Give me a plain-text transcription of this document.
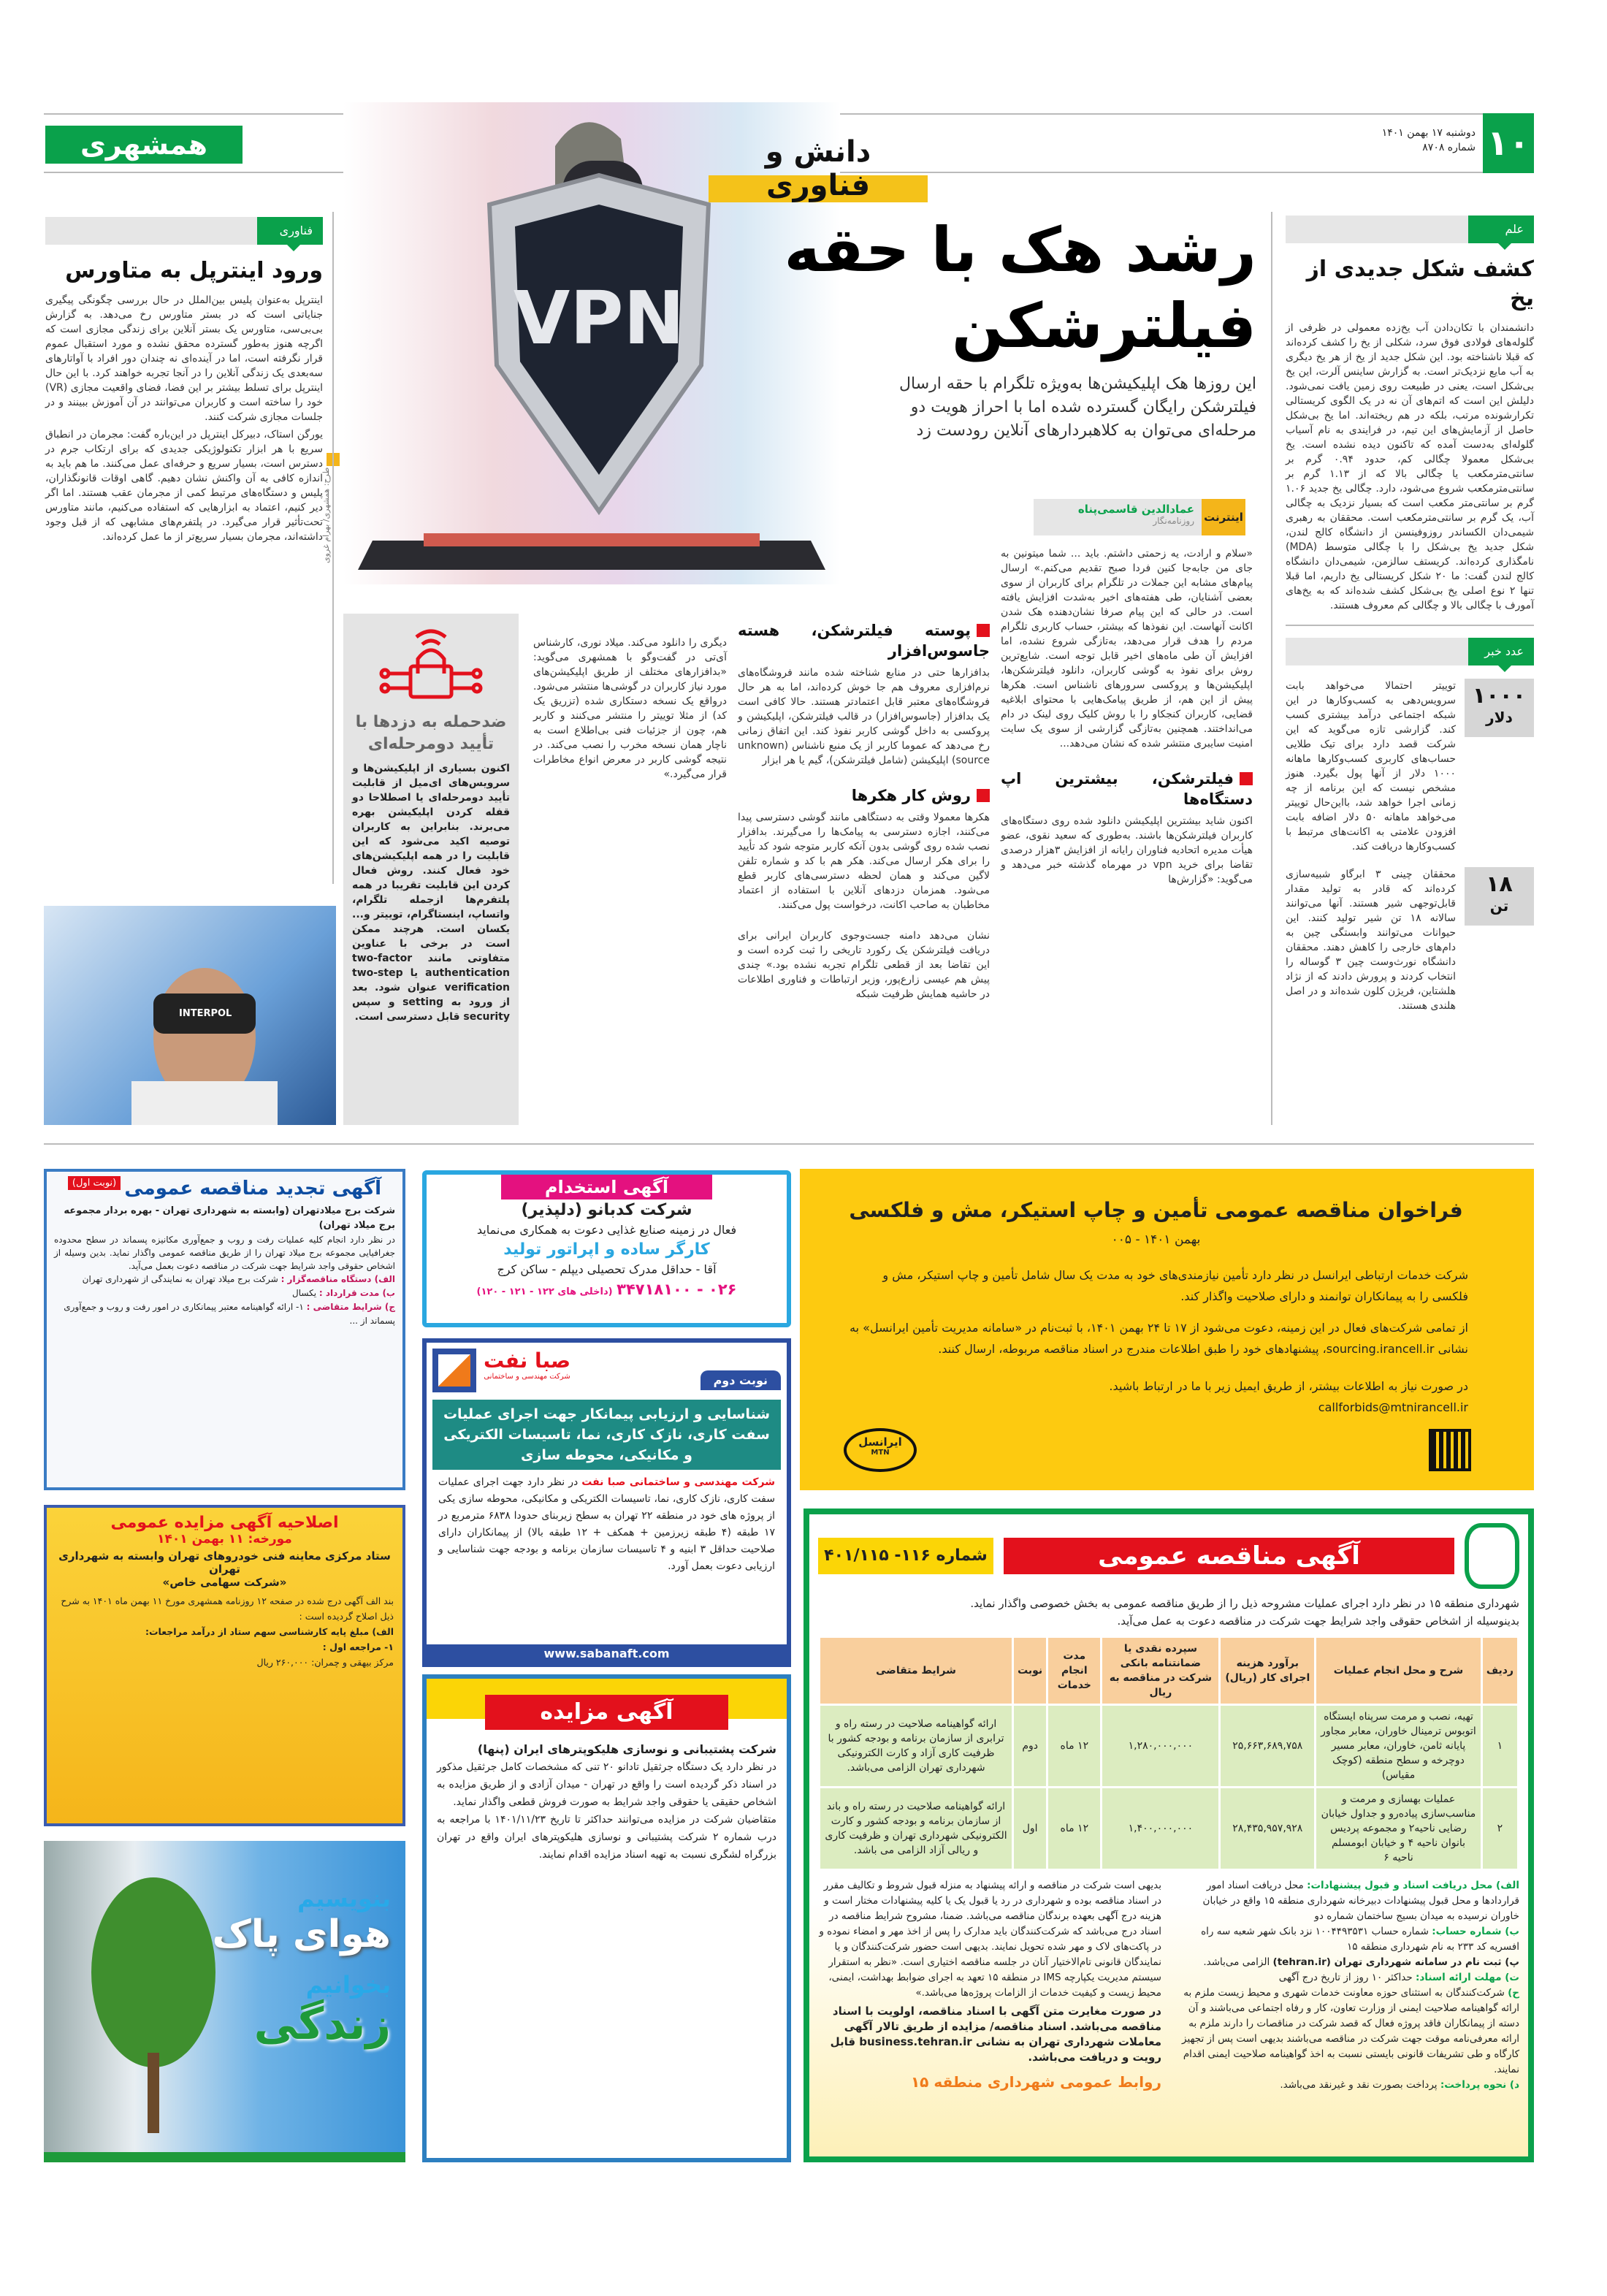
۱۰
دوشنبه ۱۷ بهمن ۱۴۰۱
شماره ۸۷۰۸
همشهری
VPN
دانش و فناوری
طرح: همشهری/ بهرام غروی
رشد هک با حقه
فیلترشکن
این روزها هک اپلیکیشن‌ها به‌ویژه تلگرام با حقه ارسال فیلترشکن رایگان گسترده شده اما با احراز هویت دو مرحله‌ای می‌توان به کلاهبردارهای آنلاین رودست زد
اینترنت
عمادالدین قاسمی‌پناه
روزنامه‌نگار

«سلام و ارادت، یه زحمتی داشتم. باید ... شما میتونین به جای من جابه‌جا کنین فردا صبح تقدیم می‌کنم.» ارسال پیام‌های مشابه این جملات در تلگرام برای کاربران از سوی بعضی آشنایان، طی هفته‌های اخیر به‌شدت افزایش یافته است. در حالی که این پیام صرفا نشان‌دهنده هک شدن اکانت آنهاست. این نفوذها که بیشتر، حساب کاربری تلگرام مردم را هدف قرار می‌دهد، به‌تازگی شروع نشده، اما افزایش آن طی ماه‌های اخیر قابل توجه است. شایع‌ترین روش برای نفوذ به گوشی کاربران، دانلود فیلترشکن‌ها، اپلیکیشن‌ها و پروکسی سرورهای ناشناس است. هکرها پیش از این هم، از طریق پیامک‌هایی با محتوای ابلاغیه قضایی، کاربران کنجکاو را با روش کلیک روی لینک در دام می‌انداختند. همچنین به‌تازگی گزارشی از سوی یک سایت امنیت سایبری منتشر شده که نشان می‌دهد...

فیلترشکن، بیشترین اپ دستگاه‌ها

اکنون شاید بیشترین اپلیکیشن دانلود شده روی دستگاه‌های کاربران فیلترشکن‌ها باشند. به‌طوری که سعید نقوی، عضو هیأت مدیره اتحادیه فناوران رایانه از افزایش ۳هزار درصدی تقاضا برای خرید vpn در مهرماه گذشته خبر می‌دهد و می‌گوید: «گزارش‌ها

پوسته فیلترشکن، هسته جاسوس‌افزار

بدافزارها حتی در منابع شناخته شده مانند فروشگاه‌های نرم‌افزاری معروف هم جا خوش کرده‌اند، اما به هر حال فروشگاه‌های معتبر قابل اعتمادتر هستند. حالا کافی است یک بدافزار (جاسوس‌افزار) در قالب فیلترشکن، اپلیکیشن و پروکسی به داخل گوشی کاربر نفوذ کند. این اتفاق زمانی رخ می‌دهد که عموما کاربر از یک منبع ناشناس (unknown source) اپلیکیشن (شامل فیلترشکن)، گیم یا هر ابزار

روش کار هکرها

هکرها معمولا وقتی به دستگاهی مانند گوشی دسترسی پیدا می‌کنند، اجازه دسترسی به پیامک‌ها را می‌گیرند. بدافزار نصب شده روی گوشی بدون آنکه کاربر متوجه شود کد تأیید را برای هکر ارسال می‌کند. هکر هم با کد و شماره تلفن لاگین می‌کند و همان لحظه دسترسی‌های کاربر قطع می‌شود. همزمان دزدهای آنلاین با استفاده از اعتماد مخاطبان به صاحب اکانت، درخواست پول می‌کنند.

نشان می‌دهد دامنه جست‌وجوی کاربران ایرانی برای دریافت فیلترشکن یک رکورد تاریخی را ثبت کرده است و این تقاضا بعد از قطعی تلگرام تجربه نشده بود.» چندی پیش هم عیسی زارع‌پور، وزیر ارتباطات و فناوری اطلاعات در حاشیه همایش ظرفیت شبکه

دیگری را دانلود می‌کند. میلاد نوری، کارشناس آی‌تی در گفت‌وگو با همشهری می‌گوید: «بدافزارهای مختلف از طریق اپلیکیشن‌های مورد نیاز کاربران در گوشی‌ها منتشر می‌شود. درواقع یک نسخه دستکاری شده (تزریق یک کد) از مثلا توییتر را منتشر می‌کنند و کاربر هم، چون از جزئیات فنی بی‌اطلاع است به ناچار همان نسخه مخرب را نصب می‌کند. در نتیجه گوشی کاربر در معرض انواع مخاطرات قرار می‌گیرد.»

ضدحمله به دزدها با تأیید دومرحله‌ای
اکنون بسیاری از اپلیکیشن‌ها و سرویس‌های ای‌میل از قابلیت تأیید دومرحله‌ای یا اصطلاحا دو قفله کردن اپلیکیشن بهره می‌برند. بنابراین به کاربران توصیه اکید می‌شود که این قابلیت را در همه اپلیکیشن‌های خود فعال کنند. روش فعال کردن این قابلیت تقریبا در همه پلتفرم‌ها ازجمله تلگرام، واتساپ، اینستاگرام، توییتر و... یکسان است. هرچند ممکن است در برخی با عناوین متفاوتی مانند two-factor authentication یا two-step verification عنوان شود. بعد از ورود به setting و سپس security قابل دسترسی است.
INTERPOL
علم
کشف شکل جدیدی از یخ
دانشمندان با تکان‌دادن آب یخ‌زده معمولی در ظرفی از گلوله‌های فولادی فوق سرد، شکلی از یخ را کشف کرده‌اند که قبلا ناشناخته بود. این شکل جدید از یخ از هر یخ دیگری به آب مایع نزدیک‌تر است. به گزارش ساینس آلرت، این یخ بی‌شکل است، یعنی در طبیعت روی زمین یافت نمی‌شود. دلیلش این است که اتم‌های آن نه در یک الگوی کریستالی تکرارشونده مرتب، بلکه در هم ریخته‌اند. اما یخ بی‌شکل حاصل از آزمایش‌های این تیم، در فرایندی به نام آسیاب گلوله‌ای به‌دست آمده که تاکنون دیده نشده است. یخ بی‌شکل معمولا چگالی کم، حدود ۰.۹۴ گرم بر سانتی‌مترمکعب یا چگالی بالا که از ۱.۱۳ گرم بر سانتی‌مترمکعب شروع می‌شود، دارد. چگالی یخ جدید ۱.۰۶ گرم بر سانتی‌متر مکعب است که بسیار نزدیک به چگالی آب، یک گرم بر سانتی‌مترمکعب است. محققان به رهبری شیمی‌دان الکساندر روزوفینسن از دانشگاه کالج لندن، شکل جدید یخ بی‌شکل را با چگالی متوسط (MDA) نامگذاری کرده‌اند. کریستف سالزمن، شیمی‌دان دانشگاه کالج لندن گفت: ما ۲۰ شکل کریستالی یخ داریم، اما قبلا تنها ۲ نوع اصلی یخ بی‌شکل کشف شده‌اند که به یخ‌های آمورف با چگالی بالا و چگالی کم معروف هستند.
عدد خبر
۱۰۰۰
دلار
توییتر احتمالا می‌خواهد بابت سرویس‌دهی به کسب‌وکارها در این شبکه اجتماعی درآمد بیشتری کسب کند. گزارشی تازه می‌گوید که این شرکت قصد دارد برای تیک طلایی حساب‌های کاربری کسب‌وکارها ماهانه ۱۰۰۰ دلار از آنها پول بگیرد. هنوز مشخص نیست که این برنامه از چه زمانی اجرا خواهد شد، بااین‌حال توییتر می‌خواهد ماهانه ۵۰ دلار اضافه بابت افزودن علامتی به اکانت‌های مرتبط با کسب‌وکارها دریافت کند.
۱۸
تن
محققان چینی ۳ ابرگاو شبیه‌سازی کرده‌اند که قادر به تولید مقدار قابل‌توجهی شیر هستند. آنها می‌توانند سالانه ۱۸ تن شیر تولید کنند. این حیوانات می‌توانند وابستگی چین به دام‌های خارجی را کاهش دهند. محققان دانشگاه نورث‌وست چین ۳ گوساله را انتخاب کردند و پرورش دادند که از نژاد هلشتاین، فریژن کلون شده‌اند و در اصل هلندی هستند.
فناوری
ورود اینترپل به متاورس

اینترپل به‌عنوان پلیس بین‌الملل در حال بررسی چگونگی پیگیری جنایاتی است که در بستر متاورس رخ می‌دهد. به گزارش بی‌بی‌سی، متاورس یک بستر آنلاین برای زندگی مجازی است که اگرچه هنوز به‌طور گسترده محقق نشده و مورد استقبال عموم قرار نگرفته است، اما در آینده‌ای نه چندان دور افراد با آواتارهای سه‌بعدی یک زندگی آنلاین را در آنجا تجربه خواهند کرد. با این حال اینترپل برای تسلط بیشتر بر این فضا، فضای واقعیت مجازی (VR) خود را ساخته است و کاربران می‌توانند در آن آموزش ببینند و در جلسات مجازی شرکت کنند.

یورگن استاک، دبیرکل اینترپل در این‌باره گفت: مجرمان در انطباق سریع با هر ابزار تکنولوژیکی جدیدی که برای ارتکاب جرم در دسترس است، بسیار سریع و حرفه‌ای عمل می‌کنند. ما هم باید به اندازه کافی به آن واکنش نشان دهیم. گاهی اوقات قانونگذاران، پلیس و دستگاه‌های مرتبط کمی از مجرمان عقب هستند. اما اگر دیر کنیم، اعتماد به ابزارهایی که استفاده می‌کنیم، مانند متاورس تحت‌تأثیر قرار می‌گیرد. در پلتفرم‌های مشابهی که از قبل وجود داشته‌اند، مجرمان بسیار سریع‌تر از ما عمل کرده‌اند.

فراخوان مناقصه عمومی تأمین و چاپ استیکر، مش و فلکسی
بهمن ۱۴۰۱ - ۰۰۵

شرکت خدمات ارتباطی ایرانسل در نظر دارد تأمین نیازمندی‌های خود به مدت یک سال شامل تأمین و چاپ استیکر، مش و فلکسی را به پیمانکاران توانمند و دارای صلاحیت واگذار کند.

از تمامی شرکت‌های فعال در این زمینه، دعوت می‌شود از ۱۷ تا ۲۴ بهمن ۱۴۰۱، با ثبت‌نام در «سامانه مدیریت تأمین ایرانسل» به نشانی sourcing.irancell.ir، پیشنهادهای خود را طبق اطلاعات مندرج در اسناد مناقصه مربوطه، ارسال کنند.

در صورت نیاز به اطلاعات بیشتر، از طریق ایمیل زیر با ما در ارتباط باشید.

callforbids@mtnirancell.ir

ایرانسل
MTN
آگهی مناقصه عمومی
شماره ۱۱۶- ۴۰۱/۱۱۵
شهرداری منطقه ۱۵ در نظر دارد اجرای عملیات مشروحه ذیل را از طریق مناقصه عمومی به بخش خصوصی واگذار نماید.
بدینوسیله از اشخاص حقوقی واجد شرایط جهت شرکت در مناقصه دعوت به عمل می‌آید.
ردیف	شرح و محل انجام عملیات	برآورد هزینه اجرای کار (ریال)	سپرده نقدی یا ضمانتنامه بانکی شرکت در مناقصه به ریال	مدت انجام خدمات	نوبت	شرایط متقاضی
۱	تهیه، نصب و مرمت سرپناه ایستگاه اتوبوس ترمینال خاوران، معابر مجاور پایانه ثامن، خاوران، معابر مسیر دوچرخه و سطح منطقه (کوچک مقیاس)	۲۵,۶۶۳,۶۸۹,۷۵۸	۱,۲۸۰,۰۰۰,۰۰۰	۱۲ ماه	دوم	ارائه گواهینامه صلاحیت در رسته راه و ترابری از سازمان برنامه و بودجه کشور با ظرفیت کاری آزاد و کارت الکترونیکی شهرداری تهران الزامی می‌باشد.
۲	عملیات بهسازی و مرمت و مناسب‌سازی پیاده‌رو و جداول خیابان رضایی ناحیه۲ و مجموعه پردیس بانوان ناحیه ۴ و خیابان ابومسلم ناحیه ۶	۲۸,۴۳۵,۹۵۷,۹۲۸	۱,۴۰۰,۰۰۰,۰۰۰	۱۲ ماه	اول	ارائه گواهینامه صلاحیت در رسته راه و باند از سازمان برنامه و بودجه کشور و کارت الکترونیکی شهرداری تهران و ظرفیت کاری و ریالی آزاد الزامی می باشد.

الف) محل دریافت اسناد و قبول پیشنهادات: محل دریافت اسناد امور قراردادها و محل قبول پیشنهادات دبیرخانه شهرداری منطقه ۱۵ واقع در خیابان خاوران نرسیده به میدان بسیج ساختمان شماره دو

ب) شماره حساب: شماره حساب ۱۰۰۴۴۹۳۵۳۱ نزد بانک شهر شعبه سه راه افسریه کد ۲۳۳ به نام شهرداری منطقه ۱۵

پ) ثبت نام در سامانه شهرداری تهران (tehran.ir) الزامی می‌باشد.

ت) مهلت ارائه اسناد: حداکثر ۱۰ روز از تاریخ درج آگهی

ح) شرکت‌کنندگان به استثنای حوزه معاونت خدمات شهری و محیط زیست ملزم به ارائه گواهینامه صلاحیت ایمنی از وزارت تعاون، کار و رفاه اجتماعی می‌باشند و آن دسته از پیمانکاران فاقد پروژه فعال که قصد شرکت در مناقصات را دارند ملزم به ارائه معرفی‌نامه موقت جهت شرکت در مناقصه می‌باشند بدیهی است پس از تجهیز کارگاه و طی تشریفات قانونی بایستی نسبت به اخذ گواهینامه صلاحیت ایمنی اقدام نمایند.

د) نحوه پرداخت: پرداخت بصورت نقد و غیرنقد می‌باشد.

بدیهی است شرکت در مناقصه و ارائه پیشنهاد به منزله قبول شروط و تکالیف مقرر در اسناد مناقصه بوده و شهرداری در رد یا قبول یک یا کلیه پیشنهادات مختار است و هزینه درج آگهی بعهده برندگان مناقصه می‌باشد. ضمنا، مشروح شرایط مناقصه در اسناد درج می‌باشد که شرکت‌کنندگان باید مدارک را پس از اخذ مهر و امضاء نموده و در پاکت‌های لاک و مهر شده تحویل نمایند. بدیهی است حضور شرکت‌کنندگان و یا نمایندگان قانونی تام‌الاختیار آنان در جلسه مناقصه اختیاری است. «نظر به استقرار سیستم مدیریت یکپارچه IMS در منطقه ۱۵ تعهد به اجرای ضوابط بهداشت، ایمنی، محیط زیست و کیفیت خدمات از الزامات پروژه‌ها می‌باشد.»

در صورت مغایرت متن آگهی با اسناد مناقصه، اولویت با اسناد مناقصه می‌باشد. اسناد مناقصه/ مزایده از طریق تالار آگهی معاملات شهرداری تهران به نشانی business.tehran.ir قابل رویت و دریافت می‌باشد.

روابط عمومی شهرداری منطقه ۱۵

آگهی تجدید مناقصه عمومی $^{(نوبت اول)}$
شرکت برج میلادتهران (وابسته به شهرداری تهران - بهره بردار مجموعه برج میلاد تهران)
در نظر دارد انجام کلیه عملیات رفت و روب و جمع‌آوری مکانیزه پسماند در سطح محدوده جغرافیایی مجموعه برج میلاد تهران را از طریق مناقصه عمومی واگذار نماید. بدین وسیله از اشخاص حقوقی واجد شرایط جهت شرکت در مناقصه دعوت بعمل می‌آید.

الف) دستگاه مناقصه‌گزار : شرکت برج میلاد تهران به نمایندگی از شهرداری تهران

ب) مدت قرارداد : یکسال

ج) شرایط متقاضی : ۱- ارائه گواهینامه معتبر پیمانکاری در امور رفت و روب و جمع‌آوری پسماند از ...

اصلاحیه آگهی مزایده عمومی
مورخه: ۱۱ بهمن ۱۴۰۱
ستاد مرکزی معاینه فنی خودروهای تهران وابسته به شهرداری تهران
«شرکت سهامی خاص»

بند الف آگهی درج شده در صفحه ۱۲ روزنامه همشهری مورخ ۱۱ بهمن ماه ۱۴۰۱ به شرح ذیل اصلاح گردیده است :

الف) مبلغ پایه کارشناسی سهم ستاد از درآمد مراجعات:

۱- مراجعه اول :

مرکز بیهقی و چمران: ۲۶۰,۰۰۰ ریال

بنویسیم
هوای پاک
بخوانیم
زندگی
آگهی استخدام
شرکت کدبانو (دلپذیر)
فعال در زمینه صنایع غذایی دعوت به همکاری می‌نماید
کارگر ساده و اپراتور تولید
آقا - حداقل مدرک تحصیلی دیپلم - ساکن کرج
۰۲۶ - ۳۴۷۱۸۱۰۰ (داخلی های ۱۲۲ - ۱۲۱ - ۱۲۰)
صبا نفت
شرکت مهندسی و ساختمانی	نوبت دوم
شناسایی و ارزیابی پیمانکار جهت اجرای عملیات سفت کاری، نازک کاری، نما، تاسیسات الکتریکی و مکانیکی، محوطه سازی
شرکت مهندسی و ساختمانی صبا نفت در نظر دارد جهت اجرای عملیات سفت کاری، نازک کاری، نما، تاسیسات الکتریکی و مکانیکی، محوطه سازی یکی از پروژه های خود در منطقه ۲۲ تهران به سطح زیربنای حدودا ۶۸۳۸ مترمربع در ۱۷ طبقه (۴ طبقه زیرزمین + همکف + ۱۲ طبقه بالا) از پیمانکاران دارای صلاحیت حداقل ۳ ابنیه و ۴ تاسیسات سازمان برنامه و بودجه جهت شناسایی و ارزیابی دعوت بعمل آورد.
www.sabanaft.com
آگهی مزایده
شرکت پشتیبانی و نوسازی هلیکوپترهای ایران (پنها)

در نظر دارد یک دستگاه جرثقیل تادانو ۲۰ تنی که مشخصات کامل جرثقیل مذکور در اسناد ذکر گردیده است را واقع در تهران - میدان آزادی و از طریق مزایده به اشخاص حقیقی یا حقوقی واجد شرایط به صورت فروش قطعی واگذار نماید.

متقاضیان شرکت در مزایده می‌توانند حداکثر تا تاریخ ۱۴۰۱/۱۱/۲۳ با مراجعه به درب شماره ۲ شرکت پشتیبانی و نوسازی هلیکوپترهای ایران واقع در تهران بزرگراه لشگری نسبت به تهیه اسناد مزایده اقدام نمایند.
